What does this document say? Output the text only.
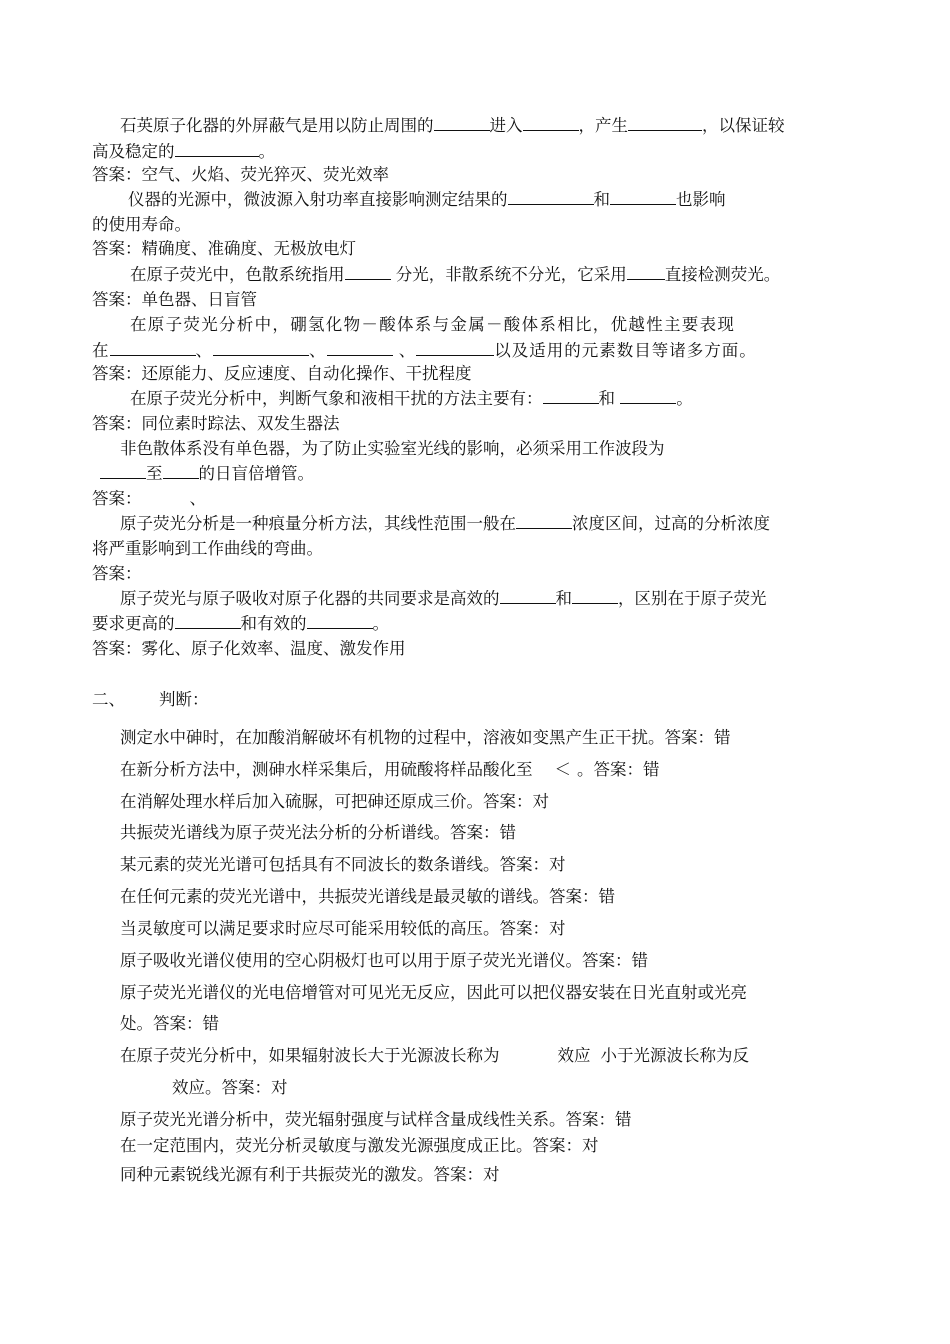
石英原子化器的外屏蔽气是用以防止周围的	进入	，产生	，以保证较
高及稳定的	。
答案：空气、火焰、荧光猝灭、荧光效率
仪器的光源中，微波源入射功率直接影响测定结果的	和	也影响
的使用寿命。
答案：精确度、准确度、无极放电灯
在原子荧光中，色散系统指用	分光，非散系统不分光，它采用 直接检测荧光。
答案：单色器、日盲管
在原子荧光分析中，硼氢化物－酸体系与金属－酸体系相比，优越性主要表现
在	、	、	、	以及适用的元素数目等诸多方面。
答案：还原能力、反应速度、自动化操作、干扰程度
在原子荧光分析中，判断气象和液相干扰的方法主要有：	和	。
答案：同位素时踪法、双发生器法
非色散体系没有单色器，为了防止实验室光线的影响，必须采用工作波段为
至 的日盲倍增管。
答案：	、
原子荧光分析是一种痕量分析方法，其线性范围一般在	浓度区间，过高的分析浓度
将严重影响到工作曲线的弯曲。
答案：
原子荧光与原子吸收对原子化器的共同要求是高效的	和	，区别在于原子荧光
要求更高的	和有效的	。
答案：雾化、原子化效率、温度、激发作用
二、 判断：
测定水中砷时，在加酸消解破坏有机物的过程中，溶液如变黑产生正干扰。答案：错
在新分析方法中，测砷水样采集后，用硫酸将样品酸化至 ＜ 。答案：错
在消解处理水样后加入硫脲，可把砷还原成三价。答案：对
共振荧光谱线为原子荧光法分析的分析谱线。答案：错
某元素的荧光光谱可包括具有不同波长的数条谱线。答案：对
在任何元素的荧光光谱中，共振荧光谱线是最灵敏的谱线。答案：错
当灵敏度可以满足要求时应尽可能采用较低的高压。答案：对
原子吸收光谱仪使用的空心阴极灯也可以用于原子荧光光谱仪。答案：错
原子荧光光谱仪的光电倍增管对可见光无反应，因此可以把仪器安装在日光直射或光亮
处。答案：错
在原子荧光分析中，如果辐射波长大于光源波长称为	效应 小于光源波长称为反
效应。答案：对
原子荧光光谱分析中，荧光辐射强度与试样含量成线性关系。答案：错
在一定范围内，荧光分析灵敏度与激发光源强度成正比。答案：对
同种元素锐线光源有利于共振荧光的激发。答案：对
